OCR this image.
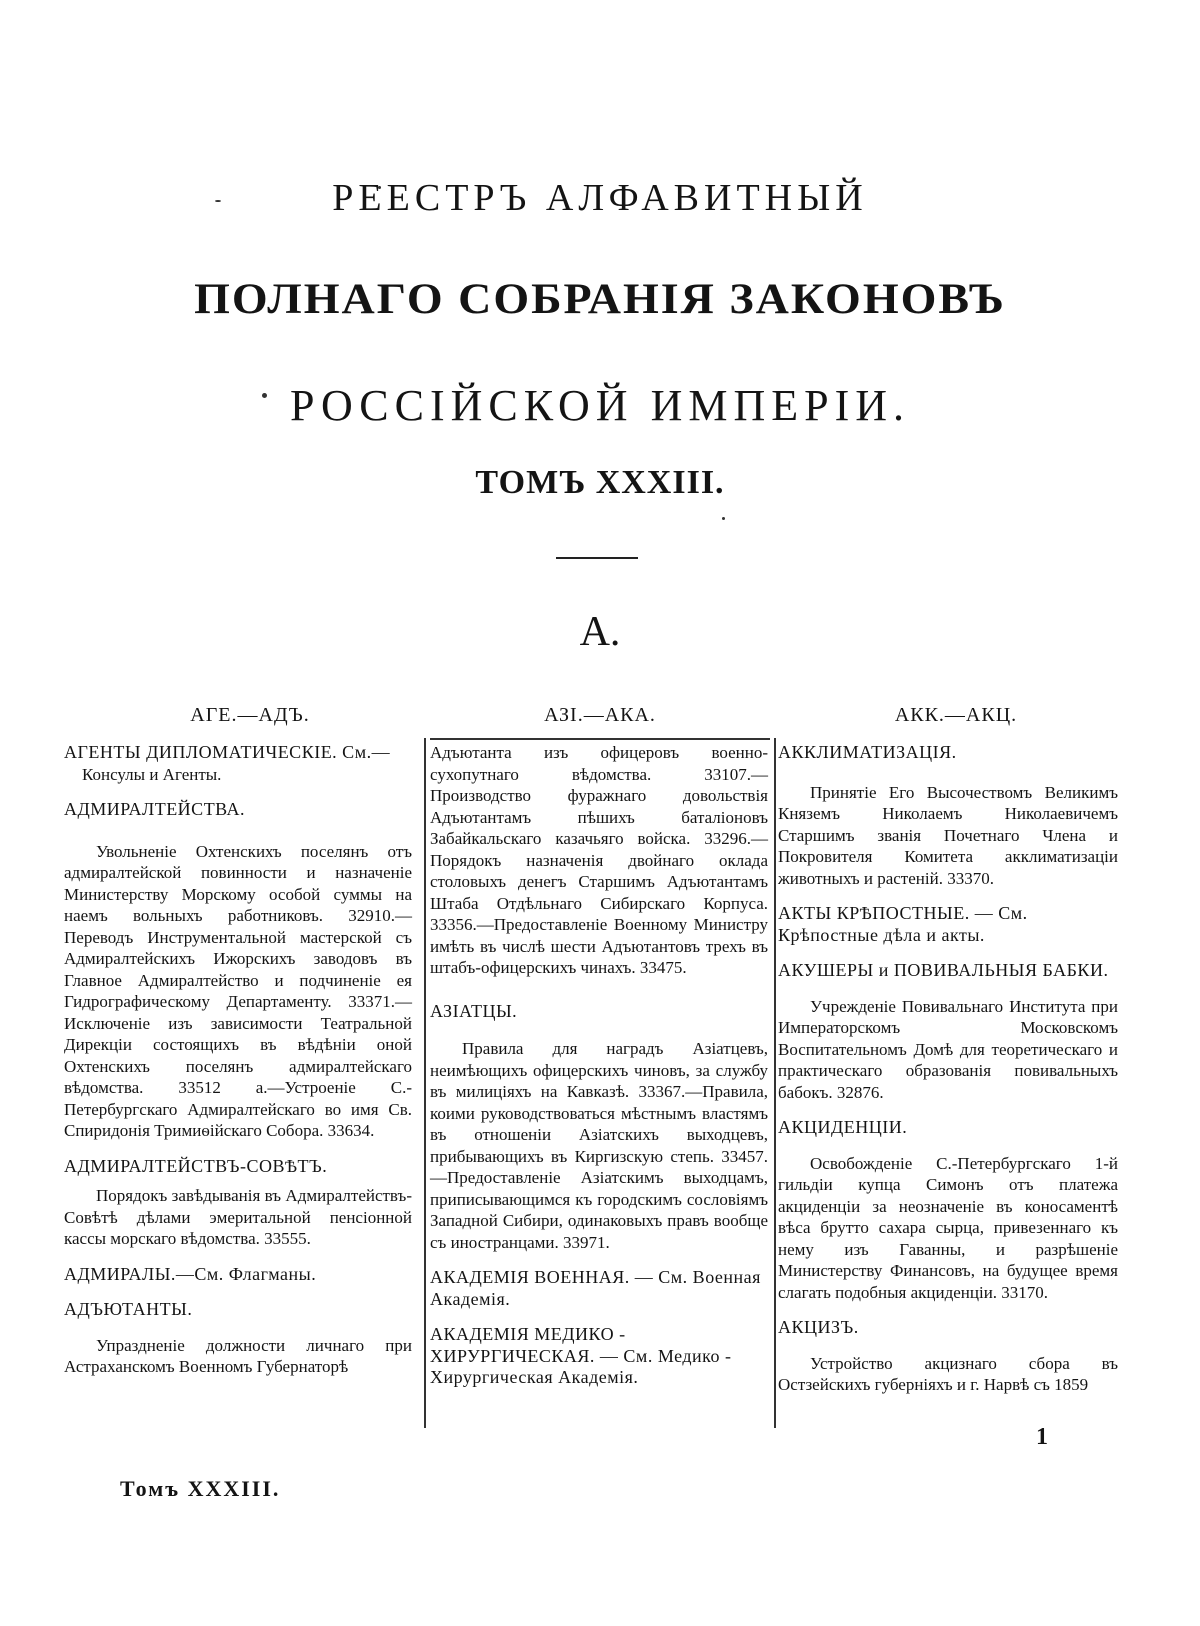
РЕЕСТРЪ АЛФАВИТНЫЙ
ПОЛНАГО СОБРАНІЯ ЗАКОНОВЪ
РОССІЙСКОЙ ИМПЕРІИ.
ТОМЪ XXXIII.
А.
АГЕ.—АДЪ.	АЗІ.—АКА.	АКК.—АКЦ.

АГЕНТЫ ДИПЛОМАТИЧЕСКІЕ. См.—

Консулы и Агенты.

АДМИРАЛТЕЙСТВА.

Увольненіе Охтенскихъ поселянъ отъ адмиралтейской повинности и назначеніе Министерству Морскому особой суммы на наемъ вольныхъ работниковъ. 32910.—Переводъ Инструментальной мастерской съ Адмиралтейскихъ Ижорскихъ заводовъ въ Главное Адмиралтейство и подчиненіе ея Гидрографическому Департаменту. 33371.—Исключеніе изъ зависимости Театральной Дирекціи состоящихъ въ вѣдѣніи оной Охтенскихъ поселянъ адмиралтейскаго вѣдомства. 33512 а.—Устроеніе С.-Петербургскаго Адмиралтейскаго во имя Св. Спиридонія Тримиѳійскаго Собора. 33634.

АДМИРАЛТЕЙСТВЪ-СОВѢТЪ.

Порядокъ завѣдыванія въ Адмиралтействъ-Совѣтѣ дѣлами эмеритальной пенсіонной кассы морскаго вѣдомства. 33555.

АДМИРАЛЫ.—См. Флагманы.

АДЪЮТАНТЫ.

Упраздненіе должности личнаго при Астраханскомъ Военномъ Губернаторѣ

Адъютанта изъ офицеровъ военно-сухопутнаго вѣдомства. 33107.—Производство фуражнаго довольствія Адъютантамъ пѣшихъ баталіоновъ Забайкальскаго казачьяго войска. 33296.—Порядокъ назначенія двойнаго оклада столовыхъ денегъ Старшимъ Адъютантамъ Штаба Отдѣльнаго Сибирскаго Корпуса. 33356.—Предоставленіе Военному Министру имѣть въ числѣ шести Адъютантовъ трехъ въ штабъ-офицерскихъ чинахъ. 33475.

АЗІАТЦЫ.

Правила для наградъ Азіатцевъ, неимѣющихъ офицерскихъ чиновъ, за службу въ милиціяхъ на Кавказѣ. 33367.—Правила, коими руководствоваться мѣстнымъ властямъ въ отношеніи Азіатскихъ выходцевъ, прибывающихъ въ Киргизскую степь. 33457.—Предоставленіе Азіатскимъ выходцамъ, приписывающимся къ городскимъ сословіямъ Западной Сибири, одинаковыхъ правъ вообще съ иностранцами. 33971.

АКАДЕМІЯ ВОЕННАЯ. — См. Военная Академія.

АКАДЕМІЯ МЕДИКО - ХИРУРГИЧЕСКАЯ. — См. Медико - Хирургическая Академія.

АККЛИМАТИЗАЦІЯ.

Принятіе Его Высочествомъ Великимъ Княземъ Николаемъ Николаевичемъ Старшимъ званія Почетнаго Члена и Покровителя Комитета акклиматизаціи животныхъ и растеній. 33370.

АКТЫ КРѢПОСТНЫЕ. — См. Крѣпостные дѣла и акты.

АКУШЕРЫ и ПОВИВАЛЬНЫЯ БАБКИ.

Учрежденіе Повивальнаго Института при Императорскомъ Московскомъ Воспитательномъ Домѣ для теоретическаго и практическаго образованія повивальныхъ бабокъ. 32876.

АКЦИДЕНЦІИ.

Освобожденіе С.-Петербургскаго 1-й гильдіи купца Симонъ отъ платежа акциденціи за неозначеніе въ коносаментѣ вѣса брутто сахара сырца, привезеннаго къ нему изъ Гаванны, и разрѣшеніе Министерству Финансовъ, на будущее время слагать подобныя акциденціи. 33170.

АКЦИЗЪ.

Устройство акцизнаго сбора въ Остзейскихъ губерніяхъ и г. Нарвѣ съ 1859

Томъ XXXIII.
1
